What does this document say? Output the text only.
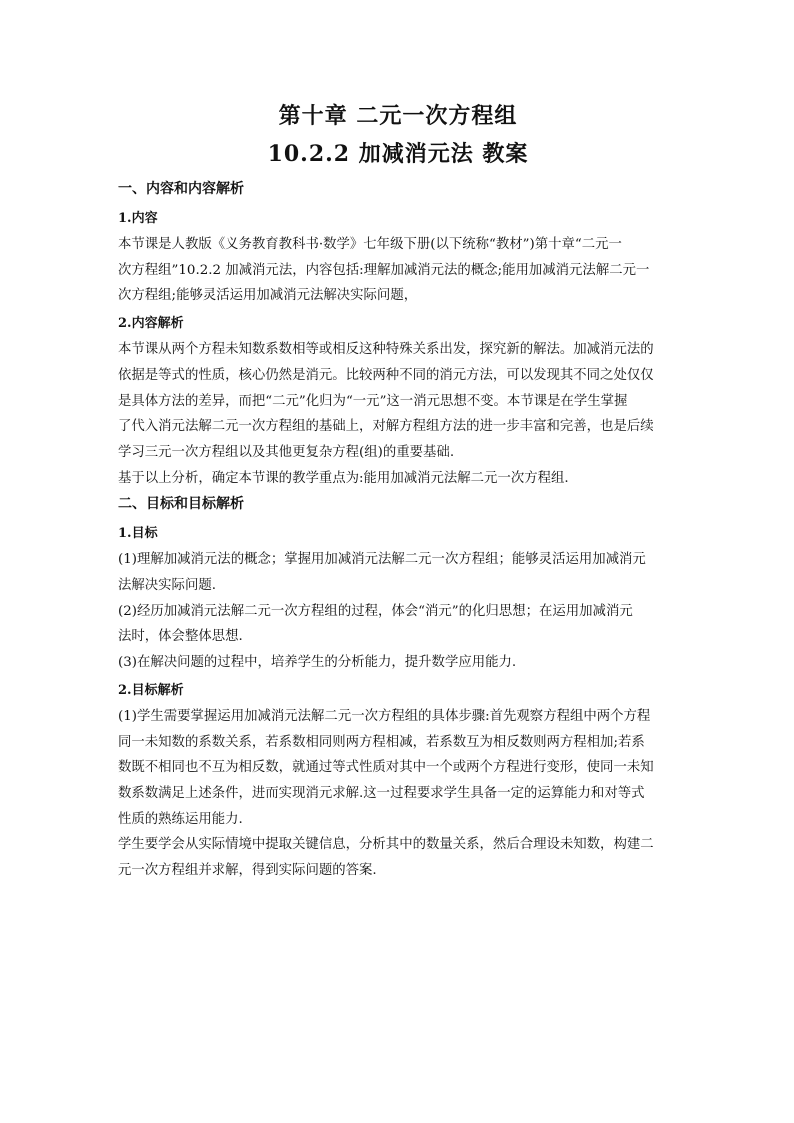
第十章 二元一次方程组
10.2.2 加减消元法 教案

一、内容和内容解析

1.内容

本节课是人教版《义务教育教科书·数学》七年级下册(以下统称“教材”)第十章“二元一
次方程组”10.2.2 加减消元法，内容包括:理解加减消元法的概念;能用加减消元法解二元一
次方程组;能够灵活运用加减消元法解决实际问题，

2.内容解析

本节课从两个方程未知数系数相等或相反这种特殊关系出发，探究新的解法。加减消元法的
依据是等式的性质，核心仍然是消元。比较两种不同的消元方法，可以发现其不同之处仅仅
是具体方法的差异，而把“二元”化归为“一元”这一消元思想不变。本节课是在学生掌握
了代入消元法解二元一次方程组的基础上，对解方程组方法的进一步丰富和完善，也是后续
学习三元一次方程组以及其他更复杂方程(组)的重要基础.
基于以上分析，确定本节课的教学重点为:能用加减消元法解二元一次方程组.

二、目标和目标解析

1.目标

(1)理解加减消元法的概念；掌握用加减消元法解二元一次方程组；能够灵活运用加减消元
法解决实际问题.
(2)经历加减消元法解二元一次方程组的过程，体会“消元”的化归思想；在运用加减消元
法时，体会整体思想.
(3)在解决问题的过程中，培养学生的分析能力，提升数学应用能力.

2.目标解析

(1)学生需要掌握运用加减消元法解二元一次方程组的具体步骤:首先观察方程组中两个方程
同一未知数的系数关系，若系数相同则两方程相减，若系数互为相反数则两方程相加;若系
数既不相同也不互为相反数，就通过等式性质对其中一个或两个方程进行变形，使同一未知
数系数满足上述条件，进而实现消元求解.这一过程要求学生具备一定的运算能力和对等式
性质的熟练运用能力.
学生要学会从实际情境中提取关键信息，分析其中的数量关系，然后合理设未知数，构建二
元一次方程组并求解，得到实际问题的答案.
